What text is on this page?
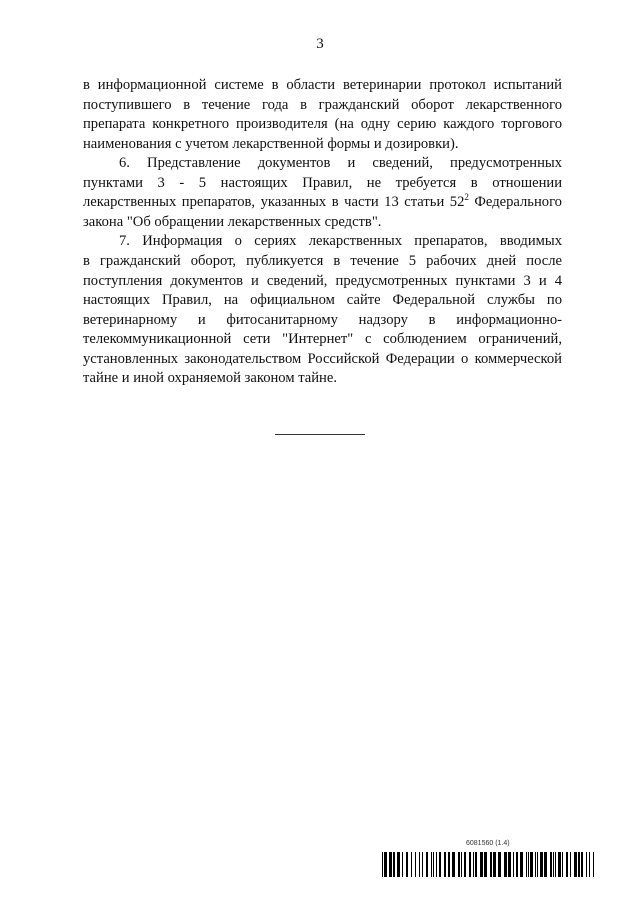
3
в информационной системе в области ветеринарии протокол испытаний
поступившего в течение года в гражданский оборот лекарственного
препарата конкретного производителя (на одну серию каждого торгового
наименования с учетом лекарственной формы и дозировки).
6. Представление документов и сведений, предусмотренных
пунктами 3 - 5 настоящих Правил, не требуется в отношении
лекарственных препаратов, указанных в части 13 статьи $52^2$ Федерального
закона "Об обращении лекарственных средств".
7. Информация о сериях лекарственных препаратов, вводимых
в гражданский оборот, публикуется в течение 5 рабочих дней после
поступления документов и сведений, предусмотренных пунктами 3 и 4
настоящих Правил, на официальном сайте Федеральной службы по
ветеринарному и фитосанитарному надзору в информационно-
телекоммуникационной сети "Интернет" с соблюдением ограничений,
установленных законодательством Российской Федерации о коммерческой
тайне и иной охраняемой законом тайне.
6081560 (1.4)
